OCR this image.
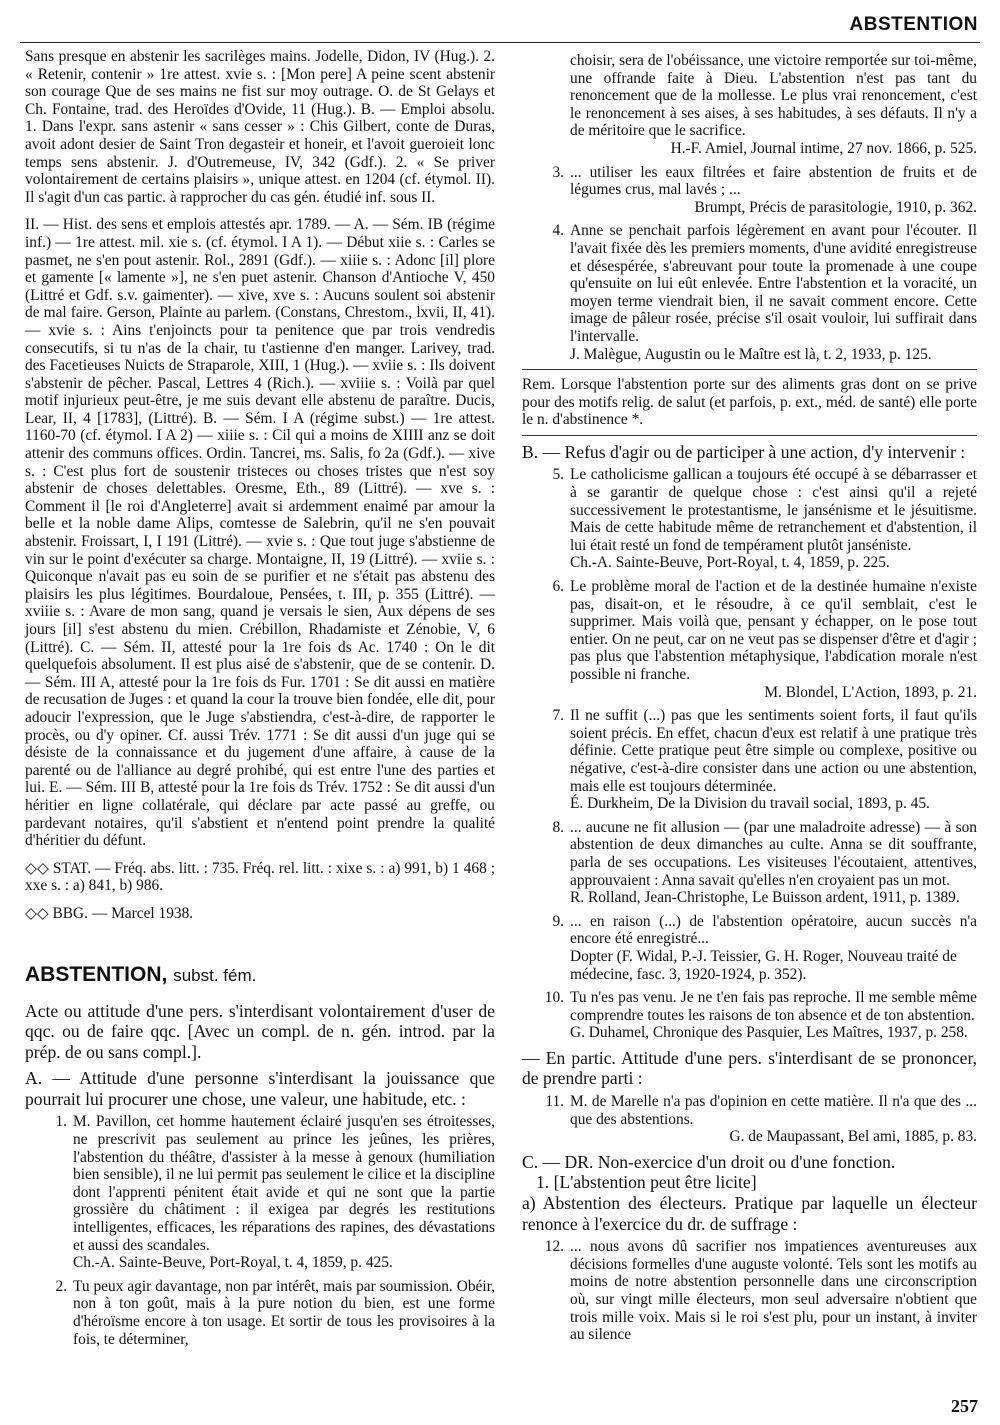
ABSTENTION

Sans presque en abstenir les sacrilèges mains. Jodelle, Didon, IV (Hug.). 2. « Retenir, contenir » 1re attest. xvie s. : [Mon pere] A peine scent abstenir son courage Que de ses mains ne fist sur moy outrage. O. de St Gelays et Ch. Fontaine, trad. des Heroïdes d'Ovide, 11 (Hug.). B. — Emploi absolu. 1. Dans l'expr. sans astenir « sans cesser » : Chis Gilbert, conte de Duras, avoit adont desier de Saint Tron degasteir et honeir, et l'avoit gueroieit lonc temps sens abstenir. J. d'Outremeuse, IV, 342 (Gdf.). 2. « Se priver volontairement de certains plaisirs », unique attest. en 1204 (cf. étymol. II). Il s'agit d'un cas partic. à rapprocher du cas gén. étudié inf. sous II.

II. — Hist. des sens et emplois attestés apr. 1789. — A. — Sém. IB (régime inf.) — 1re attest. mil. xie s. (cf. étymol. I A 1). — Début xiie s. : Carles se pasmet, ne s'en pout astenir. Rol., 2891 (Gdf.). — xiiie s. : Adonc [il] plore et gamente [« lamente »], ne s'en puet astenir. Chanson d'Antioche V, 450 (Littré et Gdf. s.v. gaimenter). — xive, xve s. : Aucuns soulent soi abstenir de mal faire. Gerson, Plainte au parlem. (Constans, Chrestom., lxvii, II, 41). — xvie s. : Ains t'enjoincts pour ta penitence que par trois vendredis consecutifs, si tu n'as de la chair, tu t'astienne d'en manger. Larivey, trad. des Facetieuses Nuicts de Straparole, XIII, 1 (Hug.). — xviie s. : Ils doivent s'abstenir de pêcher. Pascal, Lettres 4 (Rich.). — xviiie s. : Voilà par quel motif injurieux peut-être, je me suis devant elle abstenu de paraître. Ducis, Lear, II, 4 [1783], (Littré). B. — Sém. I A (régime subst.) — 1re attest. 1160-70 (cf. étymol. I A 2) — xiiie s. : Cil qui a moins de XIIII anz se doit attenir des communs offices. Ordin. Tancrei, ms. Salis, fo 2a (Gdf.). — xive s. : C'est plus fort de soustenir tristeces ou choses tristes que n'est soy abstenir de choses delettables. Oresme, Eth., 89 (Littré). — xve s. : Comment il [le roi d'Angleterre] avait si ardemment enaimé par amour la belle et la noble dame Alips, comtesse de Salebrin, qu'il ne s'en pouvait abstenir. Froissart, I, I 191 (Littré). — xvie s. : Que tout juge s'abstienne de vin sur le point d'exécuter sa charge. Montaigne, II, 19 (Littré). — xviie s. : Quiconque n'avait pas eu soin de se purifier et ne s'était pas abstenu des plaisirs les plus légitimes. Bourdaloue, Pensées, t. III, p. 355 (Littré). — xviiie s. : Avare de mon sang, quand je versais le sien, Aux dépens de ses jours [il] s'est abstenu du mien. Crébillon, Rhadamiste et Zénobie, V, 6 (Littré). C. — Sém. II, attesté pour la 1re fois ds Ac. 1740 : On le dit quelquefois absolument. Il est plus aisé de s'abstenir, que de se contenir. D. — Sém. III A, attesté pour la 1re fois ds Fur. 1701 : Se dit aussi en matière de recusation de Juges : et quand la cour la trouve bien fondée, elle dit, pour adoucir l'expression, que le Juge s'abstiendra, c'est-à-dire, de rapporter le procès, ou d'y opiner. Cf. aussi Trév. 1771 : Se dit aussi d'un juge qui se désiste de la connaissance et du jugement d'une affaire, à cause de la parenté ou de l'alliance au degré prohibé, qui est entre l'une des parties et lui. E. — Sém. III B, attesté pour la 1re fois ds Trév. 1752 : Se dit aussi d'un héritier en ligne collatérale, qui déclare par acte passé au greffe, ou pardevant notaires, qu'il s'abstient et n'entend point prendre la qualité d'héritier du défunt.

◇◇ STAT. — Fréq. abs. litt. : 735. Fréq. rel. litt. : xixe s. : a) 991, b) 1 468 ; xxe s. : a) 841, b) 986.

◇◇ BBG. — Marcel 1938.

ABSTENTION, subst. fém.

Acte ou attitude d'une pers. s'interdisant volontairement d'user de qqc. ou de faire qqc. [Avec un compl. de n. gén. introd. par la prép. de ou sans compl.].

A. — Attitude d'une personne s'interdisant la jouissance que pourrait lui procurer une chose, une valeur, une habitude, etc. :

1. M. Pavillon, cet homme hautement éclairé jusqu'en ses étroitesses, ne prescrivit pas seulement au prince les jeûnes, les prières, l'abstention du théâtre, d'assister à la messe à genoux (humiliation bien sensible), il ne lui permit pas seulement le cilice et la discipline dont l'apprenti pénitent était avide et qui ne sont que la partie grossière du châtiment : il exigea par degrés les restitutions intelligentes, efficaces, les réparations des rapines, des dévastations et aussi des scandales.
Ch.-A. Sainte-Beuve, Port-Royal, t. 4, 1859, p. 425.
2. Tu peux agir davantage, non par intérêt, mais par soumission. Obéir, non à ton goût, mais à la pure notion du bien, est une forme d'héroïsme encore à ton usage. Et sortir de tous les provisoires à la fois, te déterminer,
choisir, sera de l'obéissance, une victoire remportée sur toi-même, une offrande faite à Dieu. L'abstention n'est pas tant du renoncement que de la mollesse. Le plus vrai renoncement, c'est le renoncement à ses aises, à ses habitudes, à ses défauts. Il n'y a de méritoire que le sacrifice.
H.-F. Amiel, Journal intime, 27 nov. 1866, p. 525.
3. ... utiliser les eaux filtrées et faire abstention de fruits et de légumes crus, mal lavés ; ...
Brumpt, Précis de parasitologie, 1910, p. 362.
4. Anne se penchait parfois légèrement en avant pour l'écouter. Il l'avait fixée dès les premiers moments, d'une avidité enregistreuse et désespérée, s'abreuvant pour toute la promenade à une coupe qu'ensuite on lui eût enlevée. Entre l'abstention et la voracité, un moyen terme viendrait bien, il ne savait comment encore. Cette image de pâleur rosée, précise s'il osait vouloir, lui suffirait dans l'intervalle.
J. Malègue, Augustin ou le Maître est là, t. 2, 1933, p. 125.

Rem. Lorsque l'abstention porte sur des aliments gras dont on se prive pour des motifs relig. de salut (et parfois, p. ext., méd. de santé) elle porte le n. d'abstinence *.

B. — Refus d'agir ou de participer à une action, d'y intervenir :

5. Le catholicisme gallican a toujours été occupé à se débarrasser et à se garantir de quelque chose : c'est ainsi qu'il a rejeté successivement le protestantisme, le jansénisme et le jésuitisme. Mais de cette habitude même de retranchement et d'abstention, il lui était resté un fond de tempérament plutôt janséniste.
Ch.-A. Sainte-Beuve, Port-Royal, t. 4, 1859, p. 225.
6. Le problème moral de l'action et de la destinée humaine n'existe pas, disait-on, et le résoudre, à ce qu'il semblait, c'est le supprimer. Mais voilà que, pensant y échapper, on le pose tout entier. On ne peut, car on ne veut pas se dispenser d'être et d'agir ; pas plus que l'abstention métaphysique, l'abdication morale n'est possible ni franche.
M. Blondel, L'Action, 1893, p. 21.
7. Il ne suffit (...) pas que les sentiments soient forts, il faut qu'ils soient précis. En effet, chacun d'eux est relatif à une pratique très définie. Cette pratique peut être simple ou complexe, positive ou négative, c'est-à-dire consister dans une action ou une abstention, mais elle est toujours déterminée.
É. Durkheim, De la Division du travail social, 1893, p. 45.
8. ... aucune ne fit allusion — (par une maladroite adresse) — à son abstention de deux dimanches au culte. Anna se dit souffrante, parla de ses occupations. Les visiteuses l'écoutaient, attentives, approuvaient : Anna savait qu'elles n'en croyaient pas un mot.
R. Rolland, Jean-Christophe, Le Buisson ardent, 1911, p. 1389.
9. ... en raison (...) de l'abstention opératoire, aucun succès n'a encore été enregistré...
Dopter (F. Widal, P.-J. Teissier, G. H. Roger, Nouveau traité de médecine, fasc. 3, 1920-1924, p. 352).
10. Tu n'es pas venu. Je ne t'en fais pas reproche. Il me semble même comprendre toutes les raisons de ton absence et de ton abstention.
G. Duhamel, Chronique des Pasquier, Les Maîtres, 1937, p. 258.

— En partic. Attitude d'une pers. s'interdisant de se prononcer, de prendre parti :

11. M. de Marelle n'a pas d'opinion en cette matière. Il n'a que des ... que des abstentions.
G. de Maupassant, Bel ami, 1885, p. 83.

C. — DR. Non-exercice d'un droit ou d'une fonction.

1. [L'abstention peut être licite]

a) Abstention des électeurs. Pratique par laquelle un électeur renonce à l'exercice du dr. de suffrage :

12. ... nous avons dû sacrifier nos impatiences aventureuses aux décisions formelles d'une auguste volonté. Tels sont les motifs au moins de notre abstention personnelle dans une circonscription où, sur vingt mille électeurs, mon seul adversaire n'obtient que trois mille voix. Mais si le roi s'est plu, pour un instant, à inviter au silence
257
